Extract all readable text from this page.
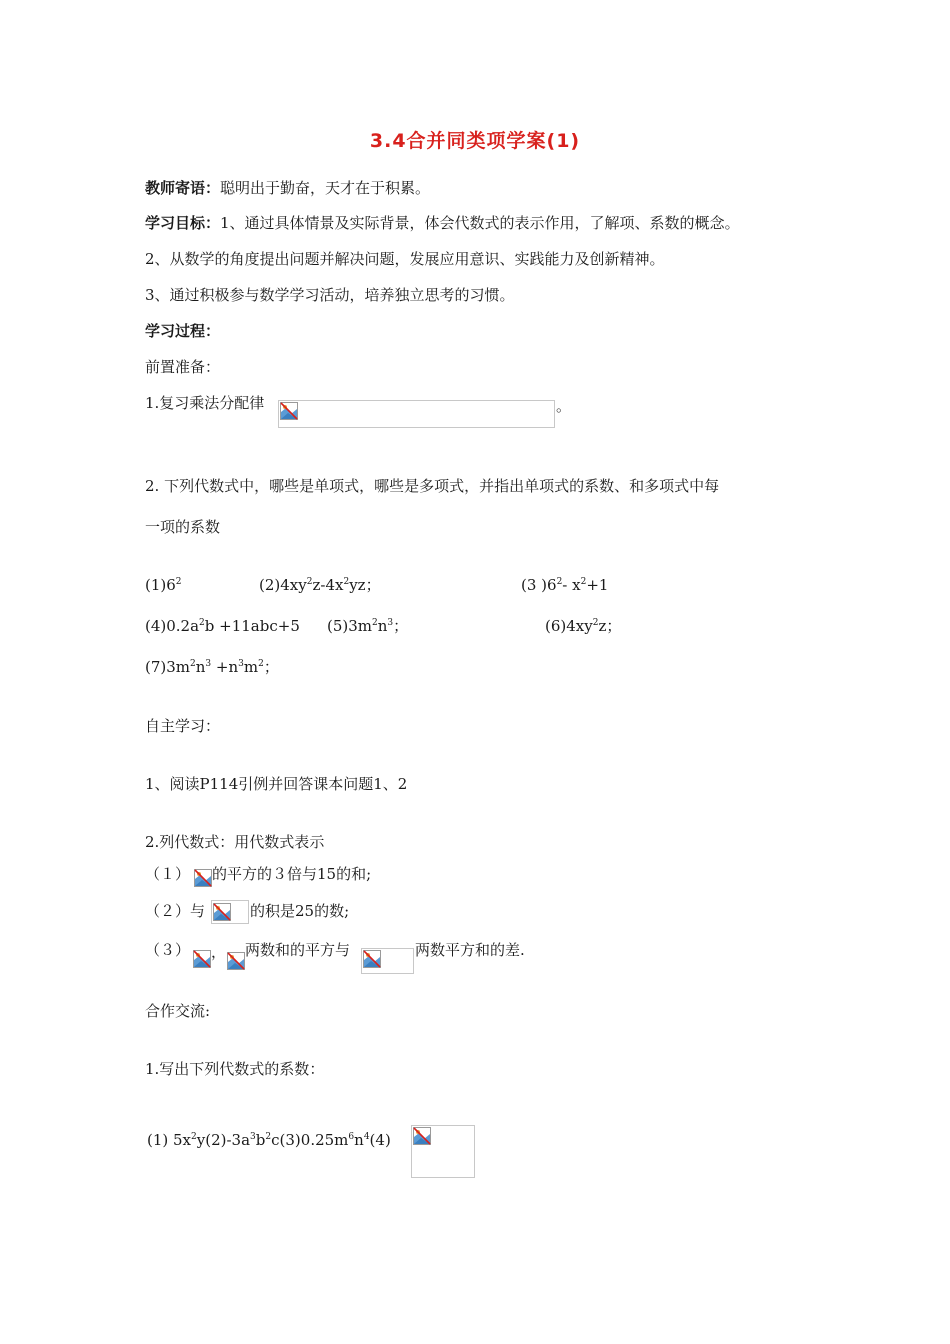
3.4合并同类项学案(1)
教师寄语：聪明出于勤奋，天才在于积累。
学习目标：1、通过具体情景及实际背景，体会代数式的表示作用，了解项、系数的概念。
2、从数学的角度提出问题并解决问题，发展应用意识、实践能力及创新精神。
3、通过积极参与数学学习活动，培养独立思考的习惯。
学习过程：
前置准备：
1.复习乘法分配律	。
2. 下列代数式中，哪些是单项式，哪些是多项式，并指出单项式的系数、和多项式中每
一项的系数
$(1)6^2$	$(2)4xy^2z-4x^2yz$；	(3 )$6^2-$ $x^2+1$
$(4)0.2a^2b +11abc+5$ $(5)3m^2n^3$；	$(6)4xy^2z$；
$(7)3m^2n^3 +n^3m^2$；
自主学习：
1、阅读P114引例并回答课本问题1、2
2.列代数式：用代数式表示
（１） 的平方的３倍与15的和;
（２）与	的积是25的数;
（３） ， 两数和的平方与	两数平方和的差.
合作交流:
1.写出下列代数式的系数：
(1) $5x^2y(2)-3a^3b^2c(3)0.25m^6n^4(4)$
